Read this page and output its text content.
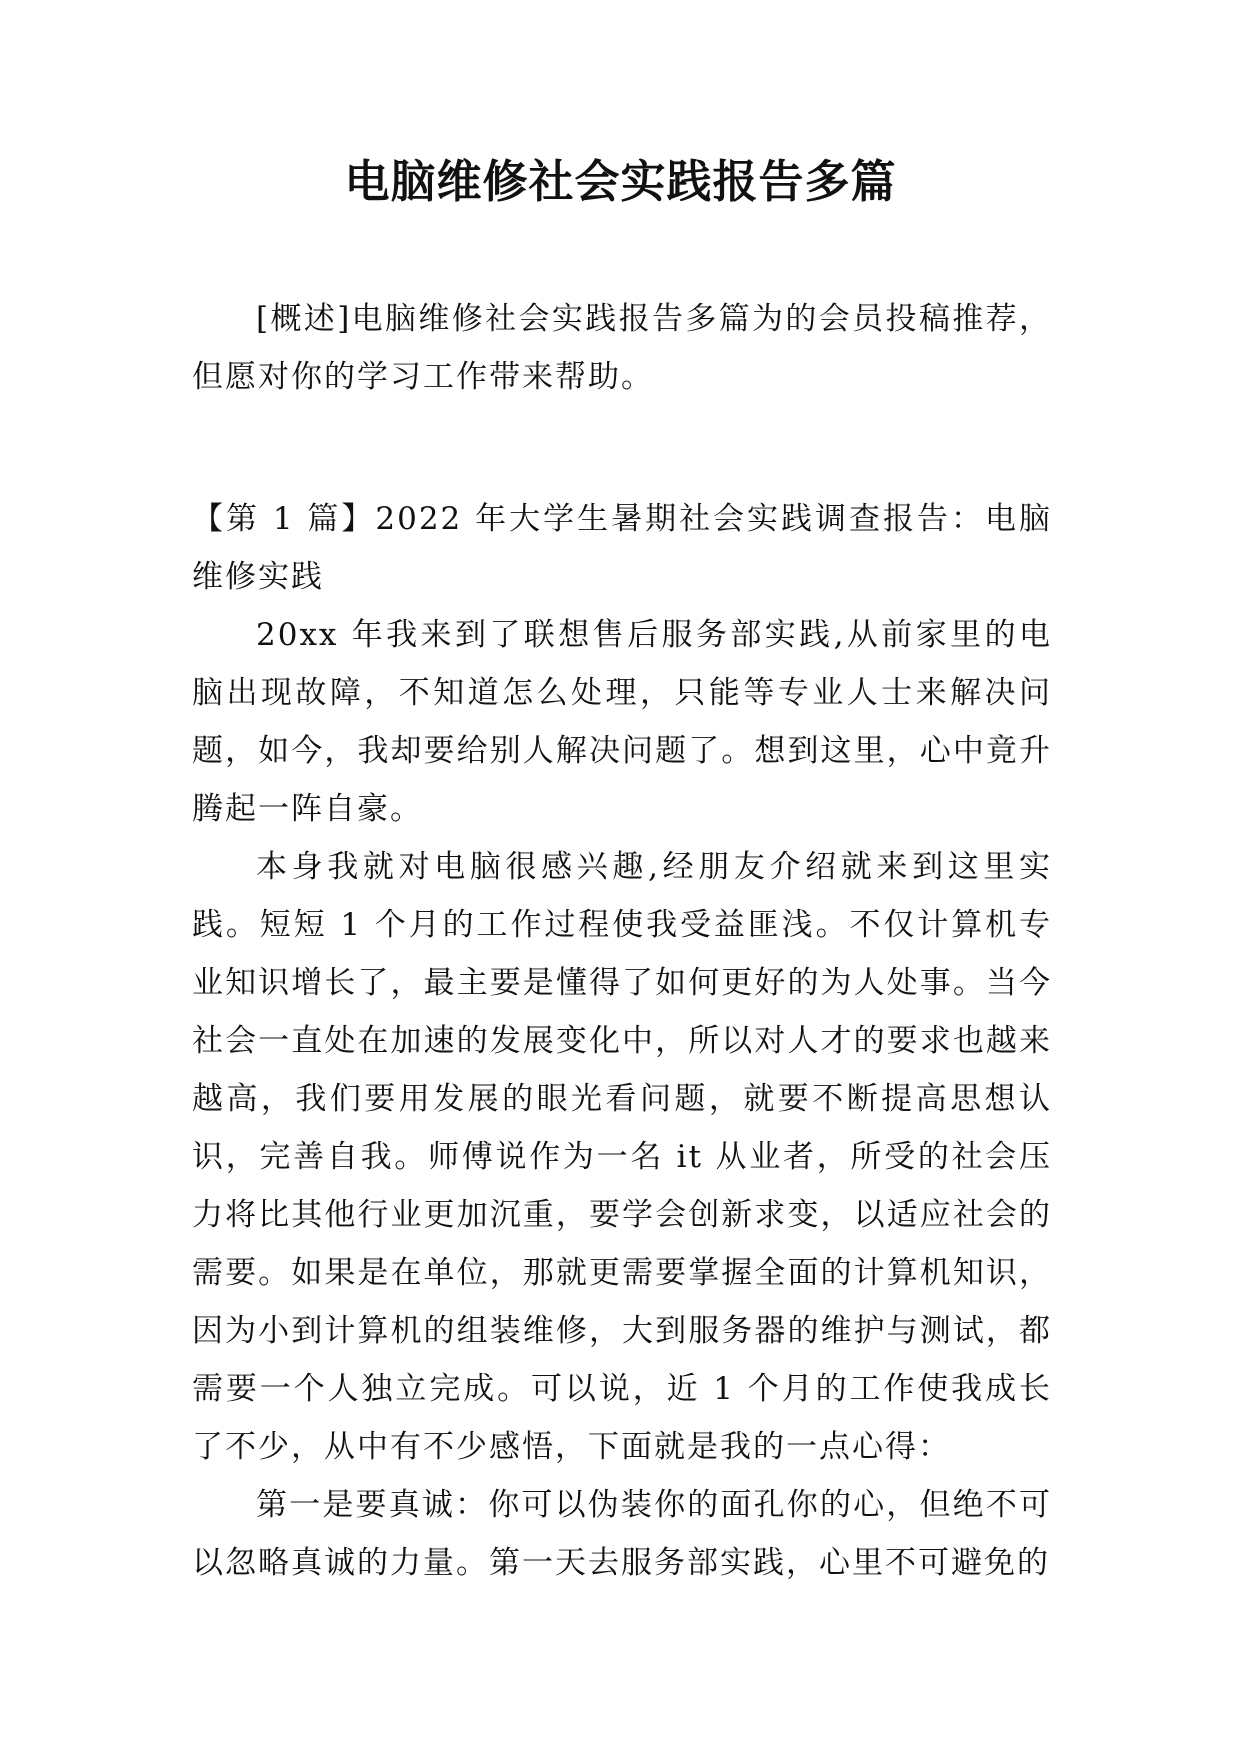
电脑维修社会实践报告多篇

[概述]电脑维修社会实践报告多篇为的会员投稿推荐，但愿对你的学习工作带来帮助。

【第 1 篇】2022 年大学生暑期社会实践调查报告：电脑维修实践

20xx 年我来到了联想售后服务部实践,从前家里的电脑出现故障，不知道怎么处理，只能等专业人士来解决问题，如今，我却要给别人解决问题了。想到这里，心中竟升腾起一阵自豪。

本身我就对电脑很感兴趣,经朋友介绍就来到这里实践。短短 1 个月的工作过程使我受益匪浅。不仅计算机专业知识增长了，最主要是懂得了如何更好的为人处事。当今社会一直处在加速的发展变化中，所以对人才的要求也越来越高，我们要用发展的眼光看问题，就要不断提高思想认识，完善自我。师傅说作为一名 it 从业者，所受的社会压力将比其他行业更加沉重，要学会创新求变，以适应社会的需要。如果是在单位，那就更需要掌握全面的计算机知识，因为小到计算机的组装维修，大到服务器的维护与测试，都需要一个人独立完成。可以说，近 1 个月的工作使我成长了不少，从中有不少感悟，下面就是我的一点心得：

第一是要真诚：你可以伪装你的面孔你的心，但绝不可以忽略真诚的力量。第一天去服务部实践，心里不可避免的
